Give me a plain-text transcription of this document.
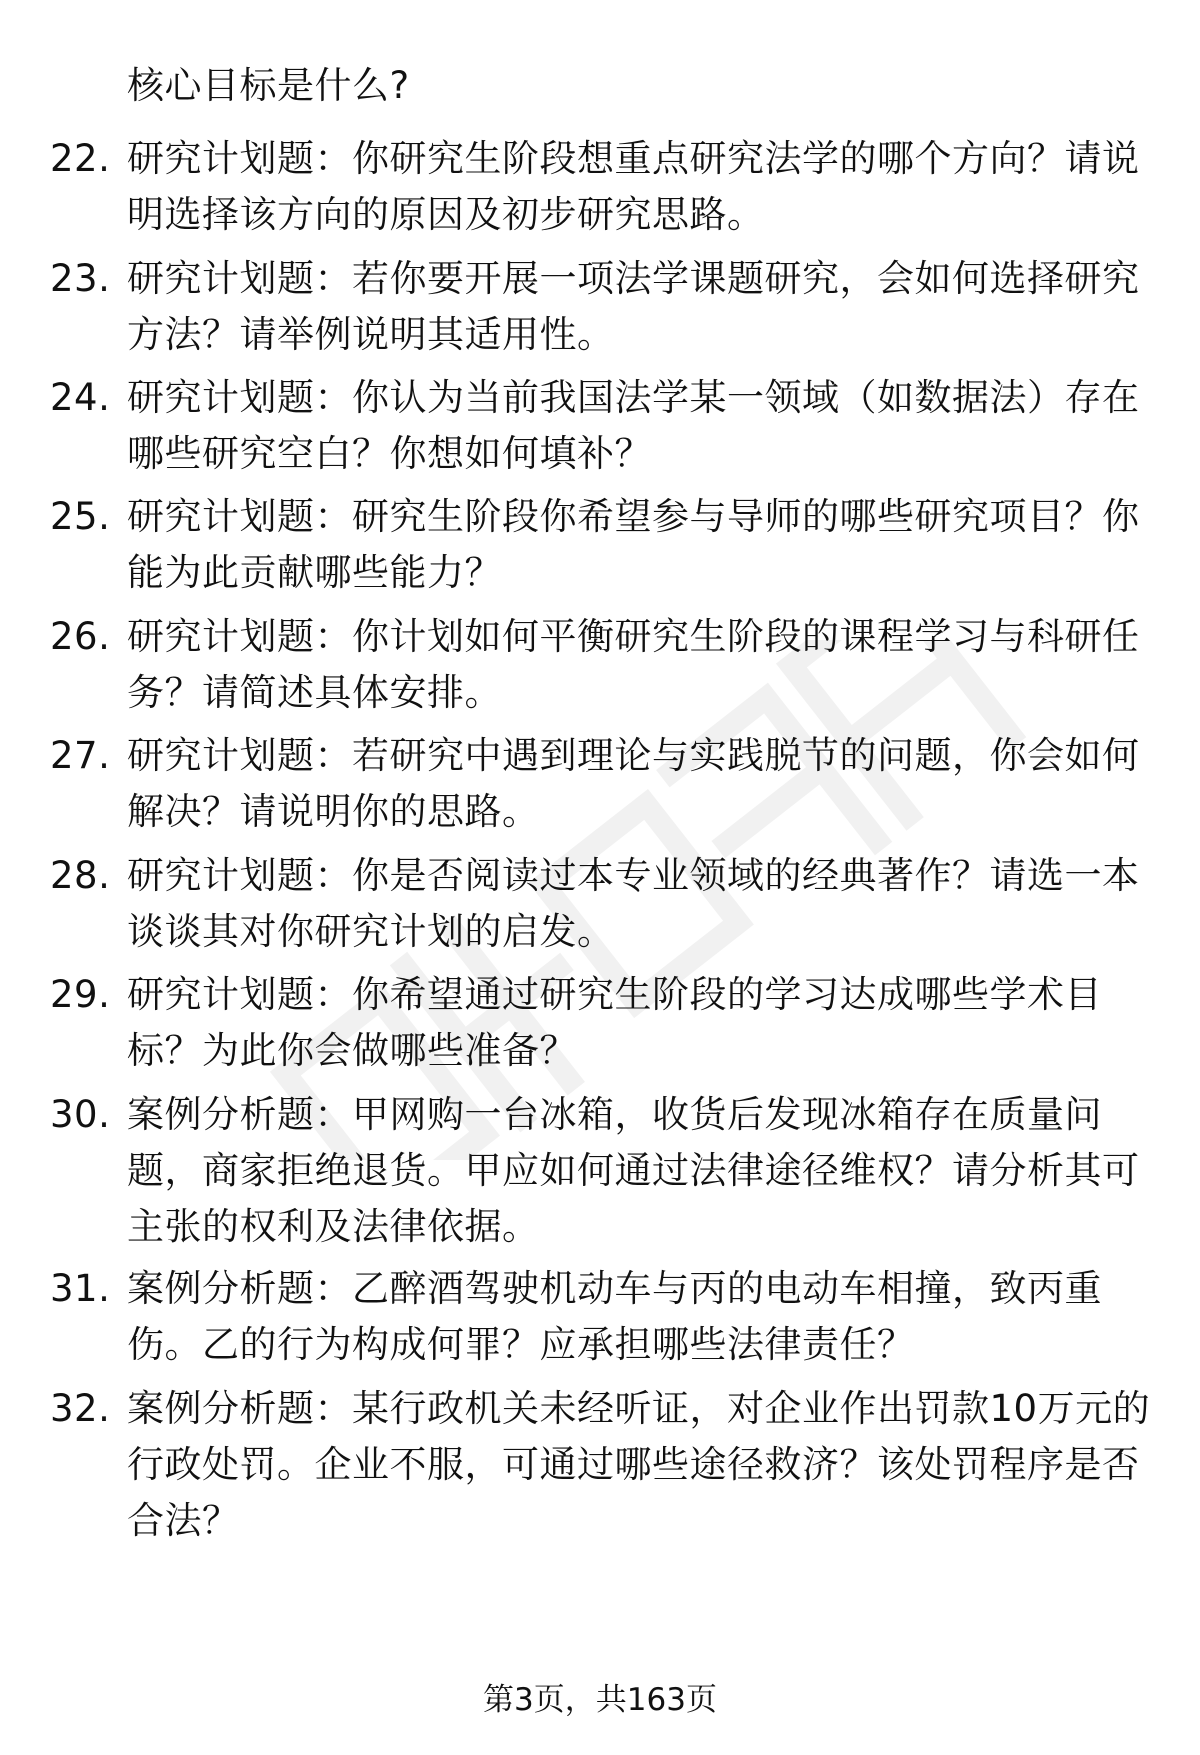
核心目标是什么?
22. 研究计划题：你研究生阶段想重点研究法学的哪个方向？请说明选择该方向的原因及初步研究思路。
23. 研究计划题：若你要开展一项法学课题研究，会如何选择研究方法？请举例说明其适用性。
24. 研究计划题：你认为当前我国法学某一领域（如数据法）存在哪些研究空白？你想如何填补？
25. 研究计划题：研究生阶段你希望参与导师的哪些研究项目？你能为此贡献哪些能力？
26. 研究计划题：你计划如何平衡研究生阶段的课程学习与科研任务？请简述具体安排。
27. 研究计划题：若研究中遇到理论与实践脱节的问题，你会如何解决？请说明你的思路。
28. 研究计划题：你是否阅读过本专业领域的经典著作？请选一本谈谈其对你研究计划的启发。
29. 研究计划题：你希望通过研究生阶段的学习达成哪些学术目标？为此你会做哪些准备？
30. 案例分析题：甲网购一台冰箱，收货后发现冰箱存在质量问题，商家拒绝退货。甲应如何通过法律途径维权？请分析其可主张的权利及法律依据。
31. 案例分析题：乙醉酒驾驶机动车与丙的电动车相撞，致丙重伤。乙的行为构成何罪？应承担哪些法律责任？
32. 案例分析题：某行政机关未经听证，对企业作出罚款10万元的行政处罚。企业不服，可通过哪些途径救济？该处罚程序是否合法？
第3页，共163页
